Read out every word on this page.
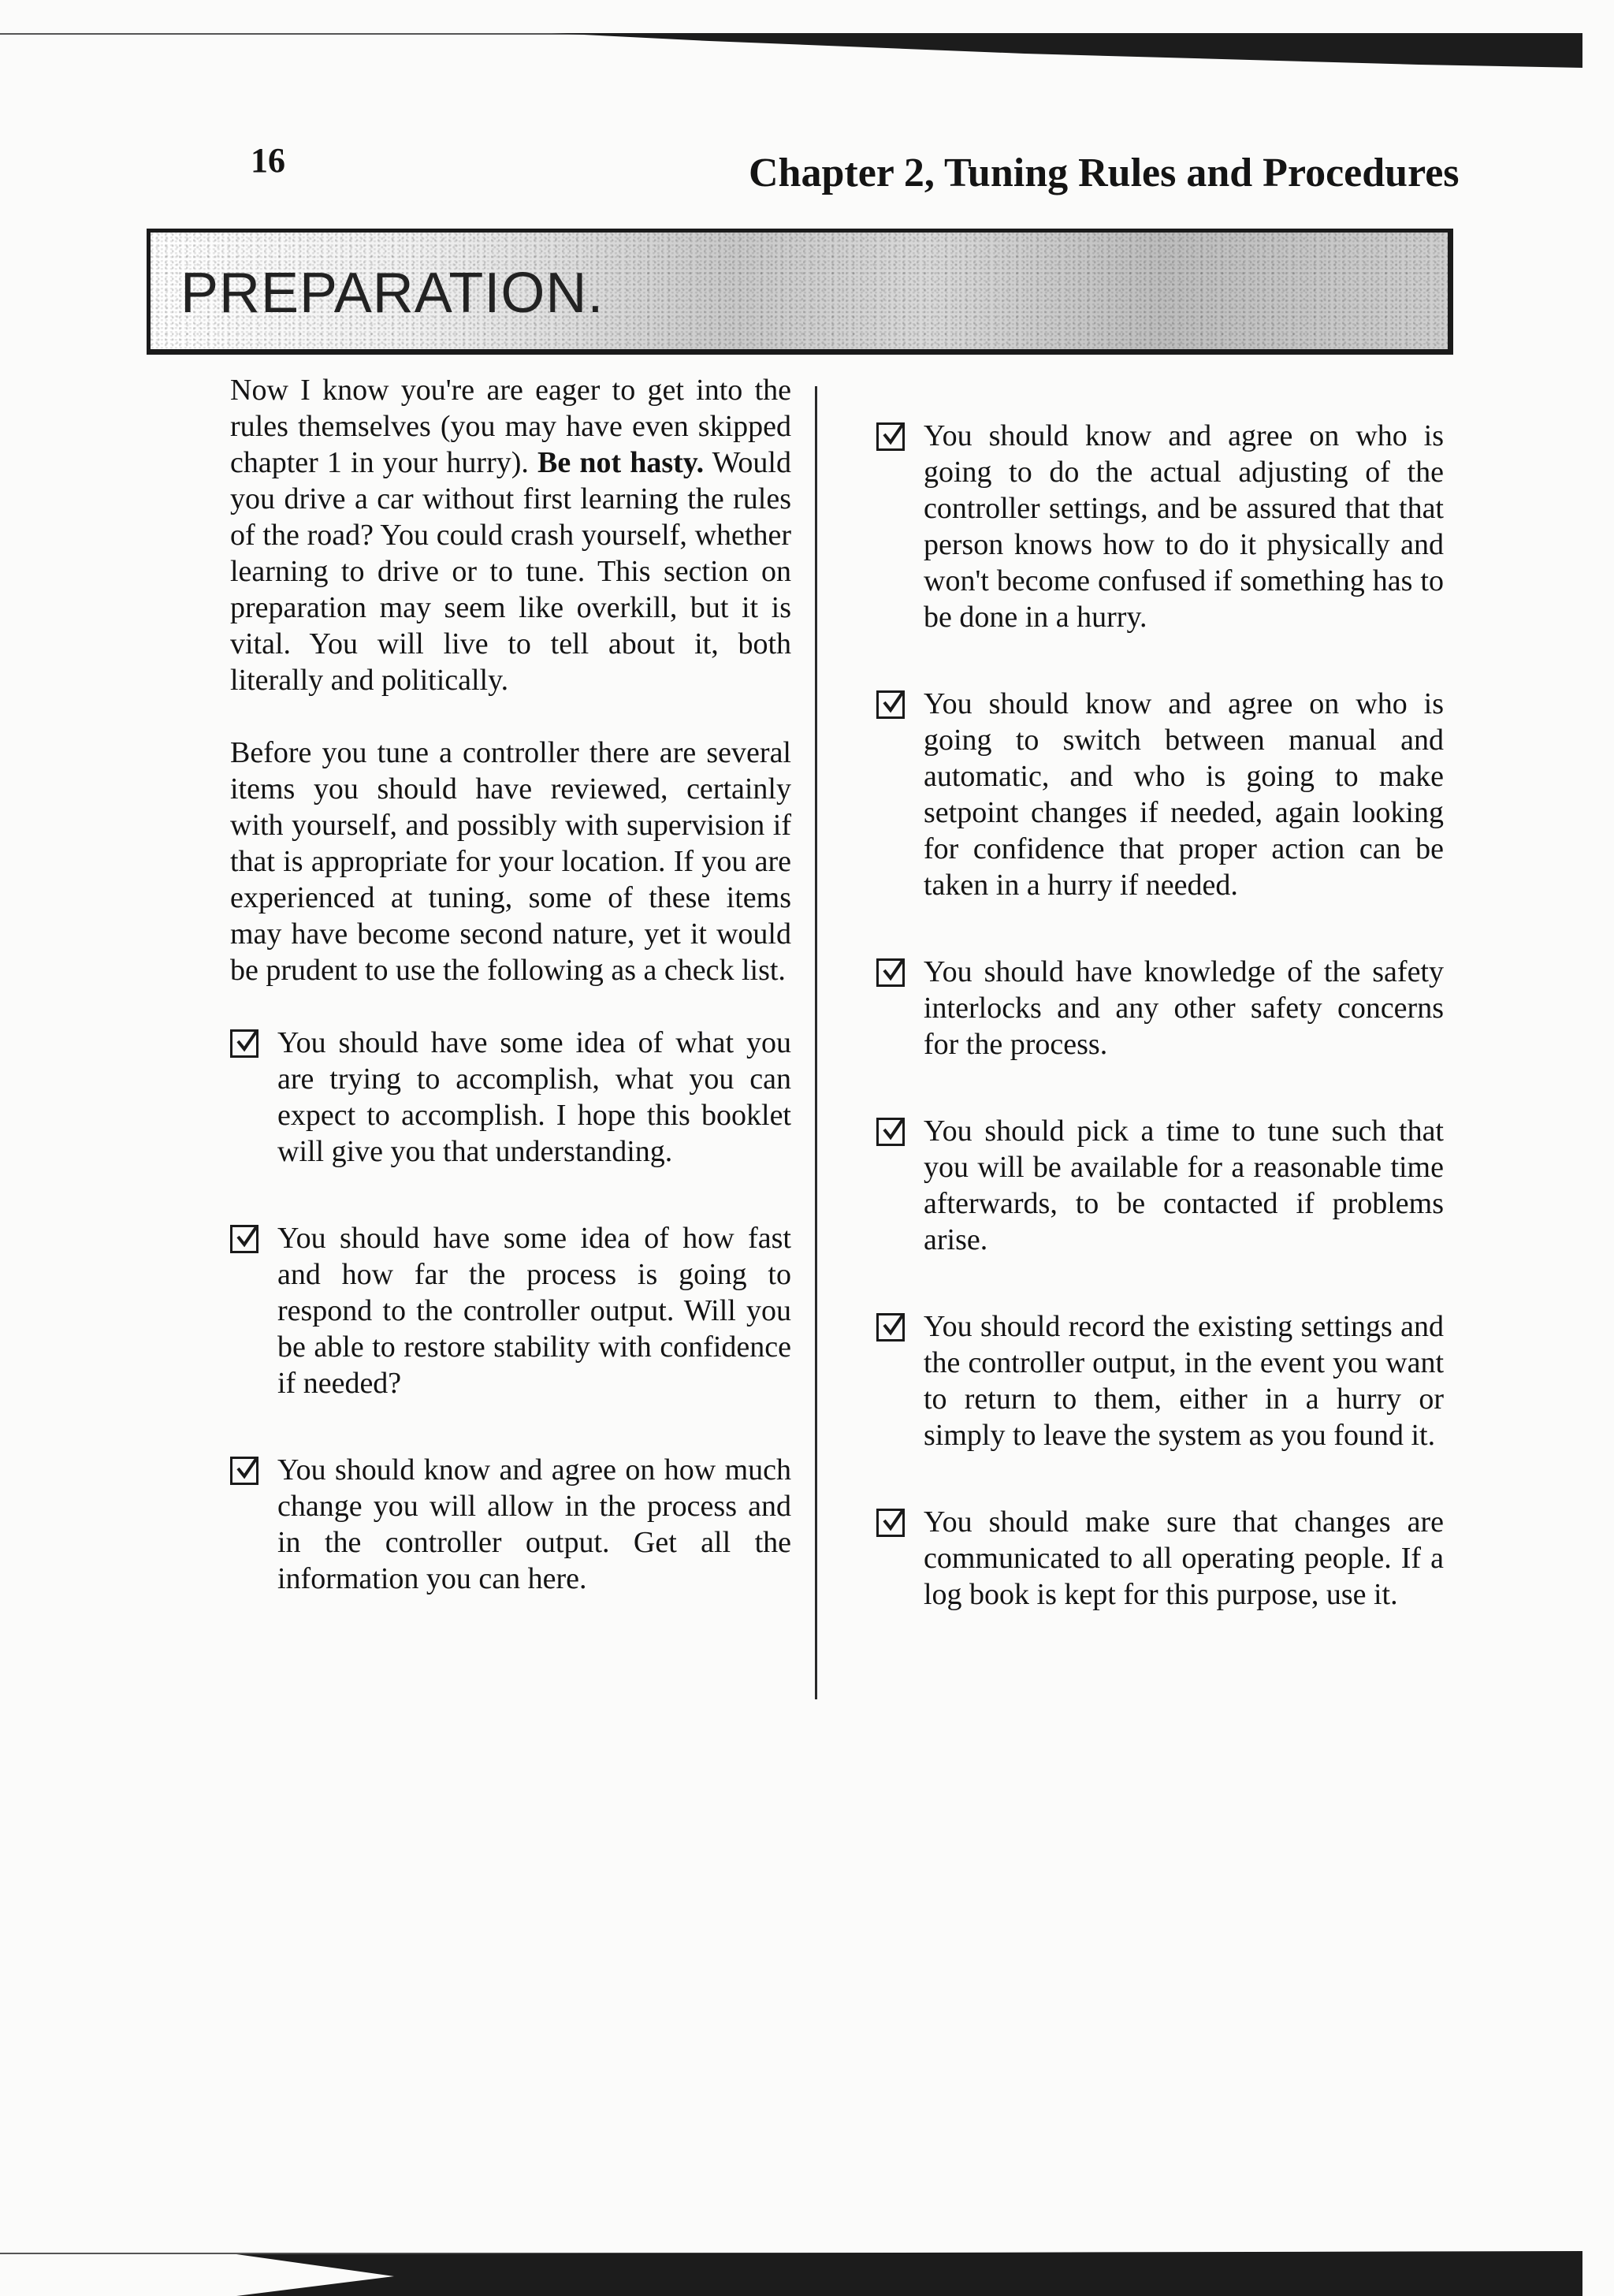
16	Chapter 2, Tuning Rules and Procedures
PREPARATION.

Now I know you're are eager to get into the rules themselves (you may have even skipped chapter 1 in your hurry). Be not hasty. Would you drive a car without first learning the rules of the road? You could crash yourself, whether learning to drive or to tune. This section on preparation may seem like overkill, but it is vital. You will live to tell about it, both literally and politically.

Before you tune a controller there are several items you should have reviewed, certainly with yourself, and possibly with supervision if that is appropriate for your location. If you are experienced at tuning, some of these items may have become second nature, yet it would be prudent to use the following as a check list.

You should have some idea of what you are trying to accomplish, what you can expect to accomplish. I hope this booklet will give you that understanding.
You should have some idea of how fast and how far the process is going to respond to the controller output. Will you be able to restore stability with confidence if needed?
You should know and agree on how much change you will allow in the process and in the controller output. Get all the information you can here.
You should know and agree on who is going to do the actual adjusting of the controller settings, and be assured that that person knows how to do it physically and won't become confused if something has to be done in a hurry.
You should know and agree on who is going to switch between manual and automatic, and who is going to make setpoint changes if needed, again looking for confidence that proper action can be taken in a hurry if needed.
You should have knowledge of the safety interlocks and any other safety concerns for the process.
You should pick a time to tune such that you will be available for a reasonable time afterwards, to be contacted if problems arise.
You should record the existing settings and the controller output, in the event you want to return to them, either in a hurry or simply to leave the system as you found it.
You should make sure that changes are communicated to all operating people. If a log book is kept for this purpose, use it.
